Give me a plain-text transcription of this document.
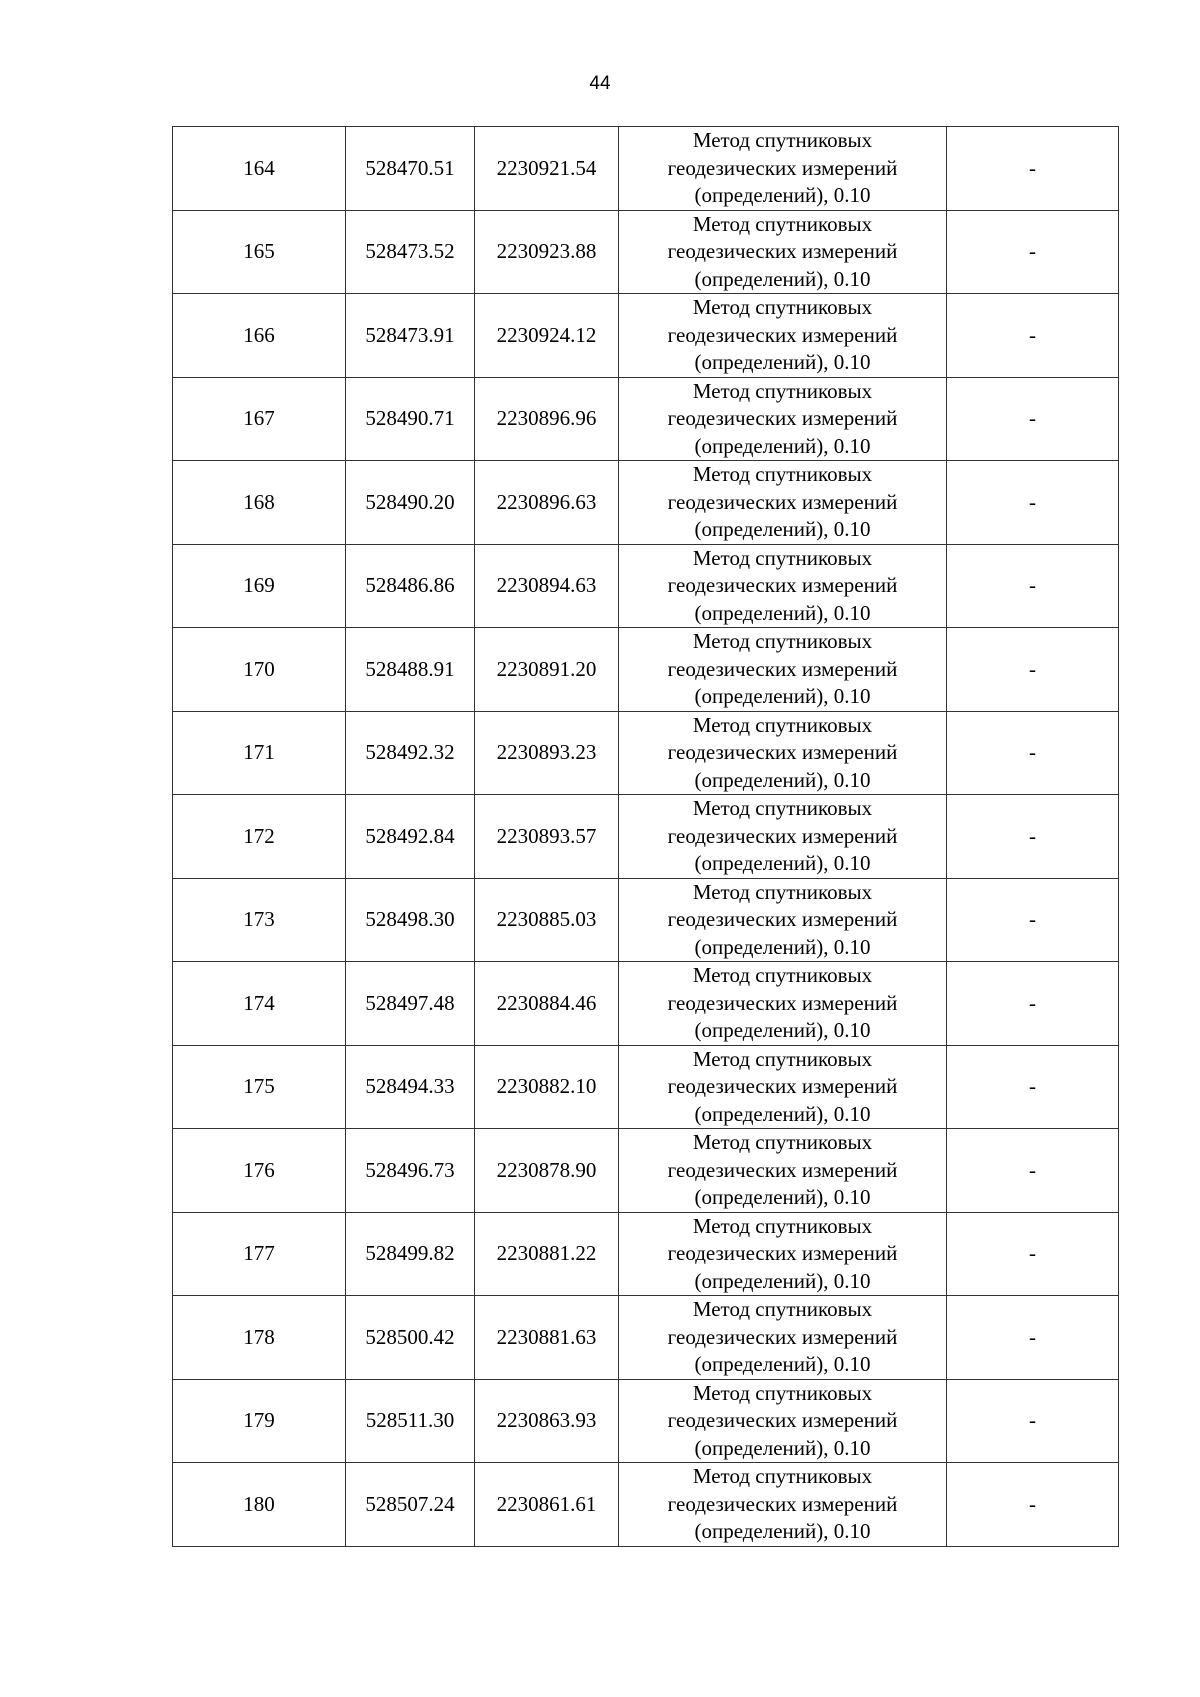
44
164	528470.51	2230921.54	Метод спутниковых
геодезических измерений
(определений), 0.10	-
165	528473.52	2230923.88	Метод спутниковых
геодезических измерений
(определений), 0.10	-
166	528473.91	2230924.12	Метод спутниковых
геодезических измерений
(определений), 0.10	-
167	528490.71	2230896.96	Метод спутниковых
геодезических измерений
(определений), 0.10	-
168	528490.20	2230896.63	Метод спутниковых
геодезических измерений
(определений), 0.10	-
169	528486.86	2230894.63	Метод спутниковых
геодезических измерений
(определений), 0.10	-
170	528488.91	2230891.20	Метод спутниковых
геодезических измерений
(определений), 0.10	-
171	528492.32	2230893.23	Метод спутниковых
геодезических измерений
(определений), 0.10	-
172	528492.84	2230893.57	Метод спутниковых
геодезических измерений
(определений), 0.10	-
173	528498.30	2230885.03	Метод спутниковых
геодезических измерений
(определений), 0.10	-
174	528497.48	2230884.46	Метод спутниковых
геодезических измерений
(определений), 0.10	-
175	528494.33	2230882.10	Метод спутниковых
геодезических измерений
(определений), 0.10	-
176	528496.73	2230878.90	Метод спутниковых
геодезических измерений
(определений), 0.10	-
177	528499.82	2230881.22	Метод спутниковых
геодезических измерений
(определений), 0.10	-
178	528500.42	2230881.63	Метод спутниковых
геодезических измерений
(определений), 0.10	-
179	528511.30	2230863.93	Метод спутниковых
геодезических измерений
(определений), 0.10	-
180	528507.24	2230861.61	Метод спутниковых
геодезических измерений
(определений), 0.10	-
